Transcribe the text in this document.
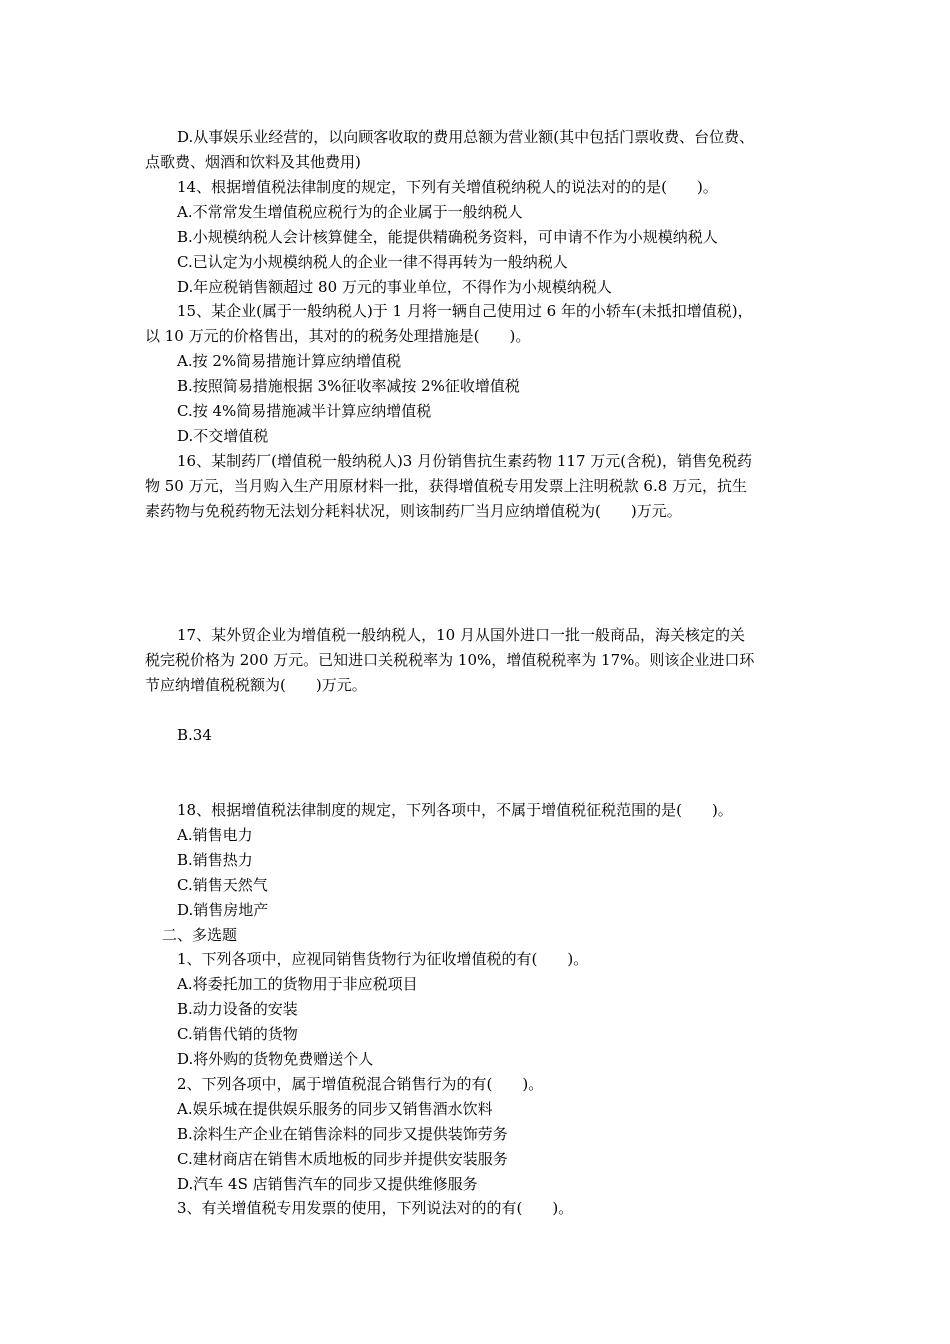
D.从事娱乐业经营的，以向顾客收取的费用总额为营业额(其中包括门票收费、台位费、
点歌费、烟酒和饮料及其他费用)
14、根据增值税法律制度的规定，下列有关增值税纳税人的说法对的的是(　　)。
A.不常常发生增值税应税行为的企业属于一般纳税人
B.小规模纳税人会计核算健全，能提供精确税务资料，可申请不作为小规模纳税人
C.已认定为小规模纳税人的企业一律不得再转为一般纳税人
D.年应税销售额超过 80 万元的事业单位，不得作为小规模纳税人
15、某企业(属于一般纳税人)于 1 月将一辆自己使用过 6 年的小轿车(未抵扣增值税)，
以 10 万元的价格售出，其对的的税务处理措施是(　　)。
A.按 2%简易措施计算应纳增值税
B.按照简易措施根据 3%征收率减按 2%征收增值税
C.按 4%简易措施减半计算应纳增值税
D.不交增值税
16、某制药厂(增值税一般纳税人)3 月份销售抗生素药物 117 万元(含税)，销售免税药
物 50 万元，当月购入生产用原材料一批，获得增值税专用发票上注明税款 6.8 万元，抗生
素药物与免税药物无法划分耗料状况，则该制药厂当月应纳增值税为(　　)万元。
17、某外贸企业为增值税一般纳税人，10 月从国外进口一批一般商品，海关核定的关
税完税价格为 200 万元。已知进口关税税率为 10%，增值税税率为 17%。则该企业进口环
节应纳增值税税额为(　　)万元。
B.34
18、根据增值税法律制度的规定，下列各项中，不属于增值税征税范围的是(　　)。
A.销售电力
B.销售热力
C.销售天然气
D.销售房地产
二、多选题
1、下列各项中，应视同销售货物行为征收增值税的有(　　)。
A.将委托加工的货物用于非应税项目
B.动力设备的安装
C.销售代销的货物
D.将外购的货物免费赠送个人
2、下列各项中，属于增值税混合销售行为的有(　　)。
A.娱乐城在提供娱乐服务的同步又销售酒水饮料
B.涂料生产企业在销售涂料的同步又提供装饰劳务
C.建材商店在销售木质地板的同步并提供安装服务
D.汽车 4S 店销售汽车的同步又提供维修服务
3、有关增值税专用发票的使用，下列说法对的的有(　　)。
